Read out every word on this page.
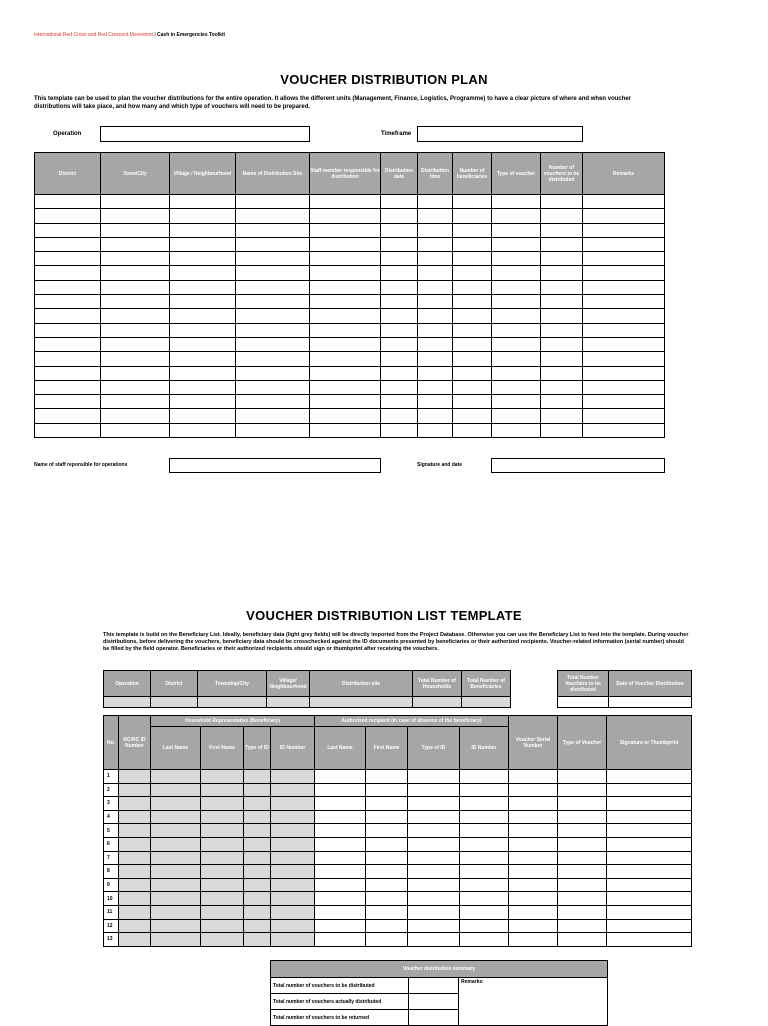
International Red Cross and Red Crescent Movement | Cash in Emergencies Toolkit
VOUCHER DISTRIBUTION PLAN
This template can be used to plan the voucher distributions for the entire operation. It allows the different units (Management, Finance, Logistics, Programme) to have a clear picture of where and when voucher distributions will take place, and how many and which type of vouchers will need to be prepared.
Operation	Timeframe
District	Town/City	Village / Neighbourhood	Name of Distribution Site	Staff member responsible for distribution	Distribution date	Distribution time	Number of beneficiaries	Type of voucher	Number of vouchers to be distributed	Remarks

Name of staff reponsible for operations	Signature and date
VOUCHER DISTRIBUTION LIST TEMPLATE
This template is build on the Beneficiary List. Ideally, beneficiary data (light grey fields) will be directly imported from the Project Database. Otherwise you can use the Beneficiary List to feed into the template. During voucher distributions, before delivering the vouchers, beneficiary data should be crosschecked against the ID documents presented by beneficiaries or their authorized recipients. Voucher-related information (serial number) should be filled by the field operator. Beneficiaries or their authorized recipients should sign or thumbprint after receiving the vouchers.
Operation	District	Township/City	Village/ Neighbourhood	Distribution site	Total Number of Households	Total Number of Beneficiaries

Total Number Vouchers to be distributed	Date of Voucher Distribution

No.	RC/RC ID Number	Household Representative (Beneficiary)				Authorized recipient (in case of absence of the beneficiary)				Voucher Serial Number	Type of Voucher	Signature or Thumbprint
		Last Name	First Name	Type of ID	ID Number	Last Name	First Name	Type of ID	ID Number			
1												
2												
3												
4												
5												
6												
7												
8												
9												
10												
11												
12												
13												
Voucher distribution summary		
Total number of vouchers to be distributed		Remarks:
Total number of vouchers actually distributed		
Total number of vouchers to be returned		
